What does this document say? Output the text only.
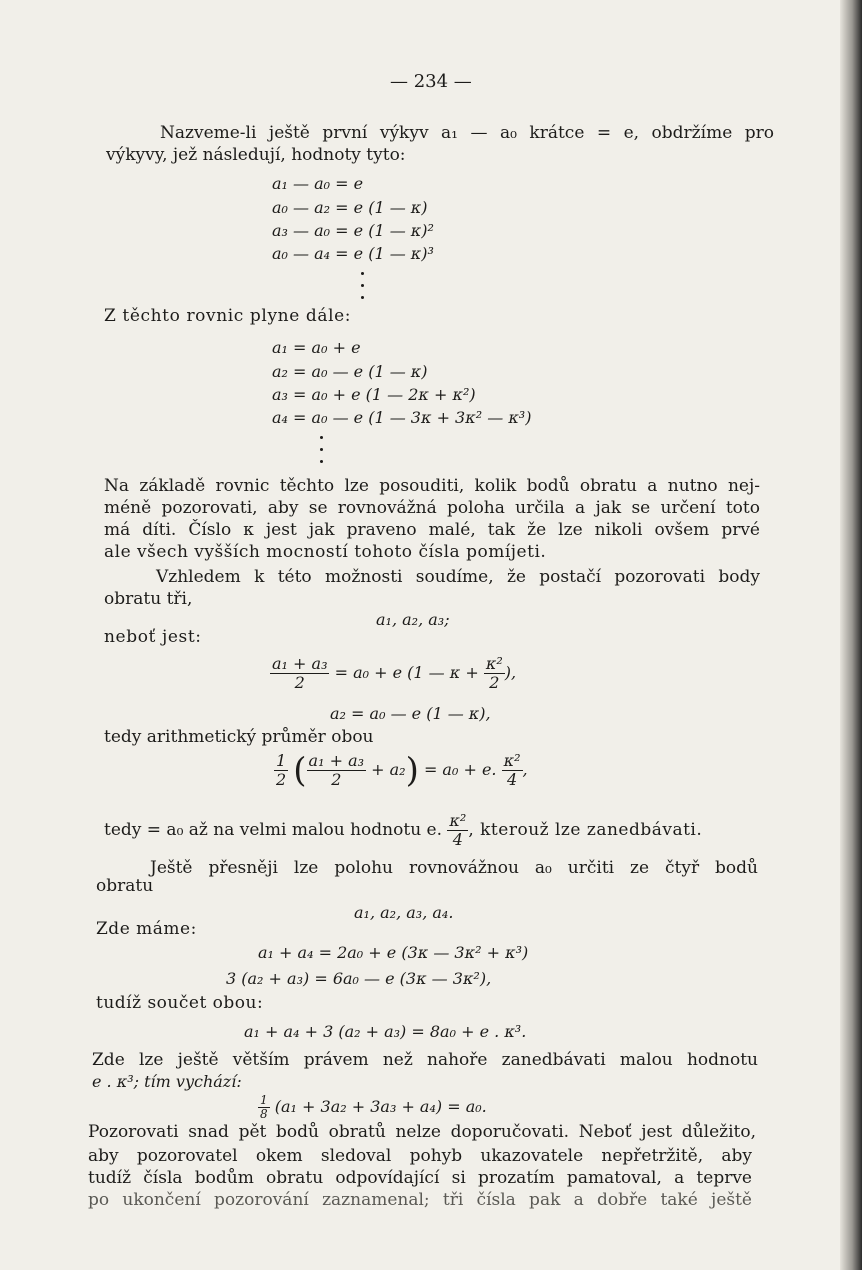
— 234 —
Nazveme-li ještě první výkyv a₁ — a₀ krátce = e, obdržíme pro
výkyvy, jež následují, hodnoty tyto:
a₁ — a₀ = e
a₀ — a₂ = e (1 — κ)
a₃ — a₀ = e (1 — κ)²
a₀ — a₄ = e (1 — κ)³
Z těchto rovnic plyne dále:
a₁ = a₀ + e
a₂ = a₀ — e (1 — κ)
a₃ = a₀ + e (1 — 2κ + κ²)
a₄ = a₀ — e (1 — 3κ + 3κ² — κ³)
Na základě rovnic těchto lze posouditi, kolik bodů obratu a nutno nej-
méně pozorovati, aby se rovnovážná poloha určila a jak se určení toto
má díti. Číslo κ jest jak praveno malé, tak že lze nikoli ovšem prvé
ale všech vyšších mocností tohoto čísla pomíjeti.
Vzhledem k této možnosti soudíme, že postačí pozorovati body
obratu tři,
a₁, a₂, a₃;
neboť jest:
$\frac{\text{a₁ + a₃}}{2} = a_0 + e$ (1 — $\kappa + \frac{\text{κ²}}{2}$ ),
a₂ = a₀ — e (1 — κ),
tedy arithmetický průměr obou
$\frac{1}{2}$ ( $\frac{\text{a₁ + a₃}}{2} + a_2) = a_0 + e$. $\frac{\text{κ²}}{4}$ ,
tedy = a₀ až na velmi malou hodnotu e. $\frac{\text{κ²}}{4}$ , kterouž lze zanedbávati.
Ještě přesněji lze polohu rovnovážnou a₀ určiti ze čtyř bodů
obratu
a₁, a₂, a₃, a₄.
Zde máme:
a₁ + a₄ = 2a₀ + e (3κ — 3κ² + κ³)
3 (a₂ + a₃) = 6a₀ — e (3κ — 3κ²),
tudíž součet obou:
a₁ + a₄ + 3 (a₂ + a₃) = 8a₀ + e . κ³.
Zde lze ještě větším právem než nahoře zanedbávati malou hodnotu
e . κ³; tím vychází:
$\frac{1}{8} (a_1 + 3a_2 + 3a_3 + a_4) = a_0$.
Pozorovati snad pět bodů obratů nelze doporučovati. Neboť jest důležito,
aby pozorovatel okem sledoval pohyb ukazovatele nepřetržitě, aby
tudíž čísla bodům obratu odpovídající si prozatím pamatoval, a teprve
po ukončení pozorování zaznamenal; tři čísla pak a dobře také ještě
